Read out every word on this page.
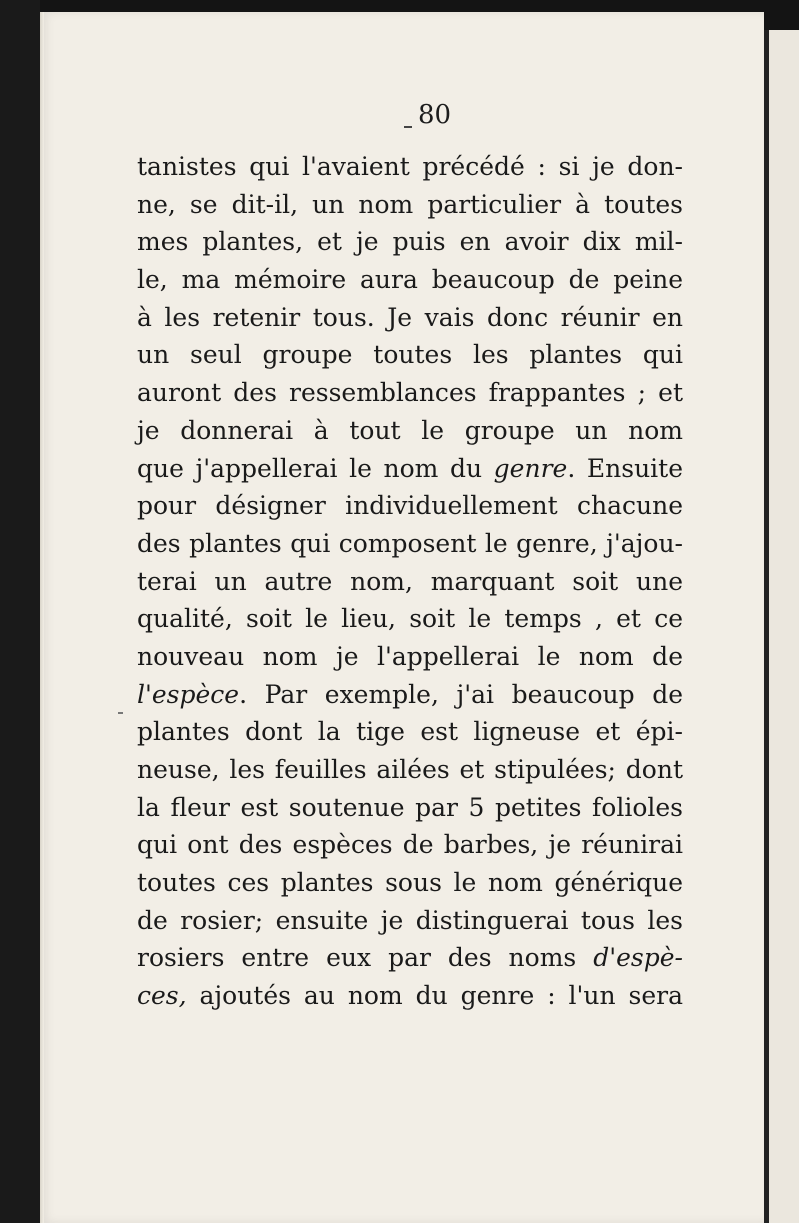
80
tanistes qui l'avaient précédé : si je don-
ne, se dit-il, un nom particulier à toutes
mes plantes, et je puis en avoir dix mil-
le, ma mémoire aura beaucoup de peine
à les retenir tous. Je vais donc réunir en
un seul groupe toutes les plantes qui
auront des ressemblances frappantes ; et
je donnerai à tout le groupe un nom
que j'appellerai le nom du genre. Ensuite
pour désigner individuellement chacune
des plantes qui composent le genre, j'ajou-
terai un autre nom, marquant soit une
qualité, soit le lieu, soit le temps , et ce
nouveau nom je l'appellerai le nom de
l'espèce. Par exemple, j'ai beaucoup de
plantes dont la tige est ligneuse et épi-
neuse, les feuilles ailées et stipulées; dont
la fleur est soutenue par 5 petites folioles
qui ont des espèces de barbes, je réunirai
toutes ces plantes sous le nom générique
de rosier; ensuite je distinguerai tous les
rosiers entre eux par des noms d'espè-
ces, ajoutés au nom du genre : l'un sera
